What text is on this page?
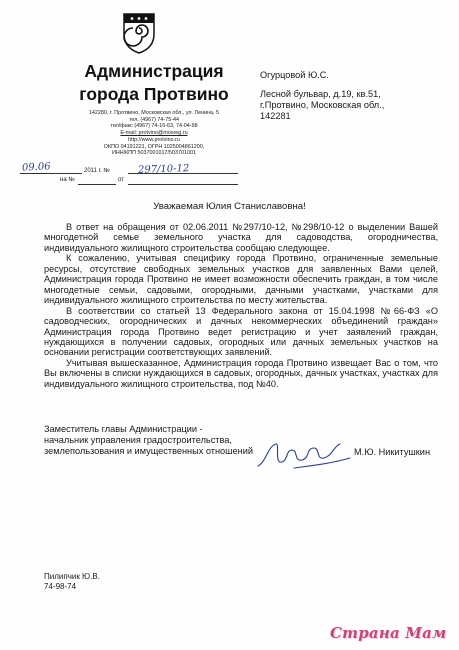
Администрация
города Протвино
142280, г. Протвино, Московская обл., ул. Ленина, 5
тел. (4967) 74-75-44
тел/факс (4967) 74-16-63, 74-04-98
E-mail: protvino@mosreg.ru
http://www.protvino.ru
ОКПО 04191221, ОГРН 1025004861200,
ИНН/КПП 5037001017/503701001
09.06	2011 г. №	297/10-12
на №	от
Огурцовой Ю.С.
Лесной бульвар, д.19, кв.51,
г.Протвино, Московская обл.,
142281
Уважаемая Юлия Станиславовна!

В ответ на обращения от 02.06.2011 №297/10-12, №298/10-12 о выделении Вашей многодетной семье земельного участка для садоводства, огородничества, индивидуального жилищного строительства сообщаю следующее.

К сожалению, учитывая специфику города Протвино, ограниченные земельные ресурсы, отсутствие свободных земельных участков для заявленных Вами целей, Администрация города Протвино не имеет возможности обеспечить граждан, в том числе многодетные семьи, садовыми, огородными, дачными участками, участками для индивидуального жилищного строительства по месту жительства.

В соответствии со статьей 13 Федерального закона от 15.04.1998 №66-ФЗ «О садоводческих, огороднических и дачных некоммерческих объединений граждан» Администрация города Протвино ведет регистрацию и учет заявлений граждан, нуждающихся в получении садовых, огородных или дачных земельных участков на основании регистрации соответствующих заявлений.

Учитывая вышесказанное, Администрация города Протвино извещает Вас о том, что Вы включены в списки нуждающихся в садовых, огородных, дачных участках, участках для индивидуального жилищного строительства, под №40.

Заместитель главы Администрации -
начальник управления градостроительства,
землепользования и имущественных отношений	М.Ю. Никитушкин
Пилипчик Ю.В.
74-98-74
Страна Мам
